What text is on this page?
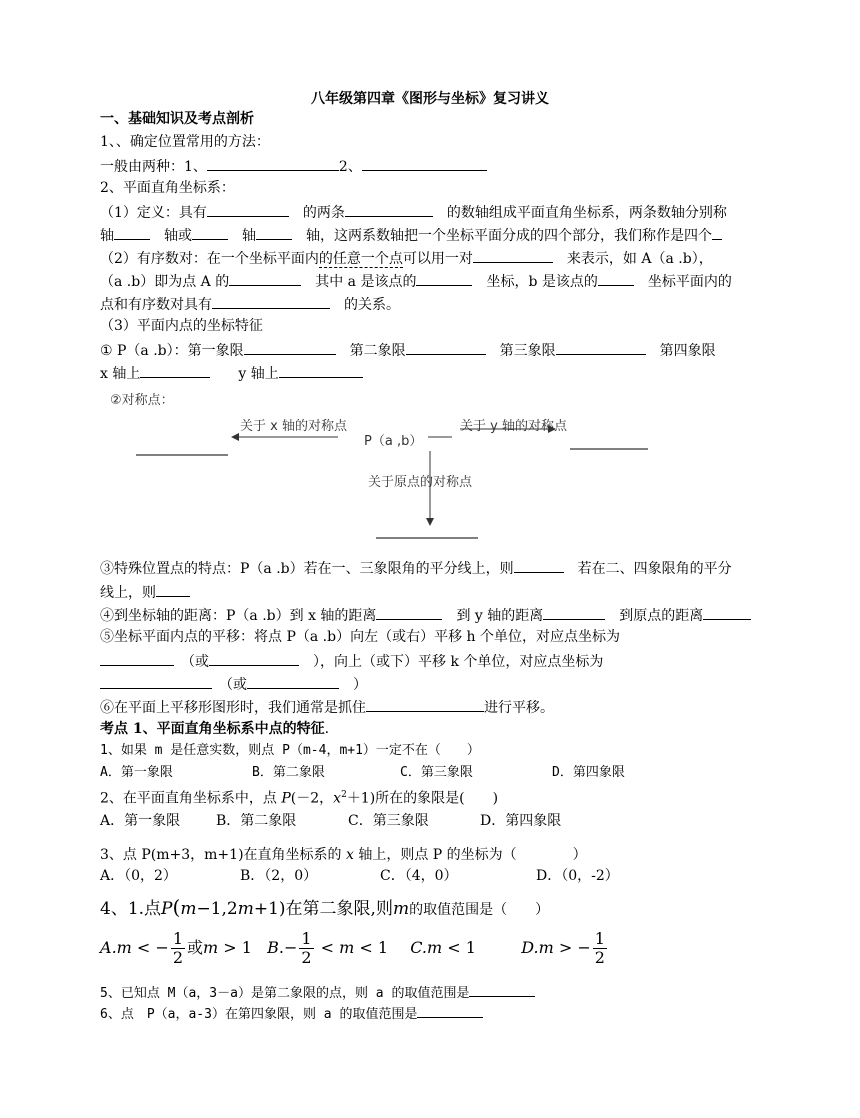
八年级第四章《图形与坐标》复习讲义
一、基础知识及考点剖析
1、、确定位置常用的方法：
一般由两种：1、	2、
2、平面直角坐标系：
（1）定义：具有　	的两条　	的数轴组成平面直角坐标系，两条数轴分别称
轴　	轴或　	轴　	轴，这两系数轴把一个坐标平面分成的四个部分，我们称作是四个
（2）有序数对：在一个坐标平面内的任意一个点可以用一对　	来表示，如 A（a .b），
（a .b）即为点 A 的　	其中 a 是该点的　	坐标，b 是该点的　	坐标平面内的
点和有序数对具有　	的关系。
（3）平面内点的坐标特征
① P（a .b）：第一象限　	第二象限　	第三象限　	第四象限
x 轴上　　	y 轴上
②对称点：
关于 x 轴的对称点	关于 y 轴的对称点
P（a ,b）
关于原点的对称点
③特殊位置点的特点：P（a .b）若在一、三象限角的平分线上，则　	若在二、四象限角的平分
线上，则
④到坐标轴的距离：P（a .b）到 x 轴的距离　	到 y 轴的距离　	到原点的距离
⑤坐标平面内点的平移：将点 P（a .b）向左（或右）平移 h 个单位，对应点坐标为
　（或　	），向上（或下）平移 k 个单位，对应点坐标为
　（或　	）
⑥在平面上平移形图形时，我们通常是抓住	进行平移。
考点 1、平面直角坐标系中点的特征.
1、如果 m 是任意实数，则点 P（m-4，m+1）一定不在（　　）
A．第一象限	B．第二象限	C．第三象限	D．第四象限
2、在平面直角坐标系中，点 P(－2，$x^2+1$)所在的象限是(　　)
A．第一象限	B．第二象限	C．第三象限	D．第四象限
3、点 P(m+3，m+1)在直角坐标系的 x 轴上，则点 P 的坐标为（　　　　）
A．（0，2）	B．（2，0）	C．（4，0）	D．（0，-2）
4、1.点P(m−1,2m+1)在第二象限,则m的取值范围是（　　）
A.m < − $\frac{1}{2}$ 或m > 1 $B.- \frac{1}{2} < m < 1$ C.m < 1	D.m > − $\frac{1}{2}$
5、已知点 M（a，3－a）是第二象限的点，则 a 的取值范围是
6、点　P（a，a-3）在第四象限，则 a 的取值范围是
